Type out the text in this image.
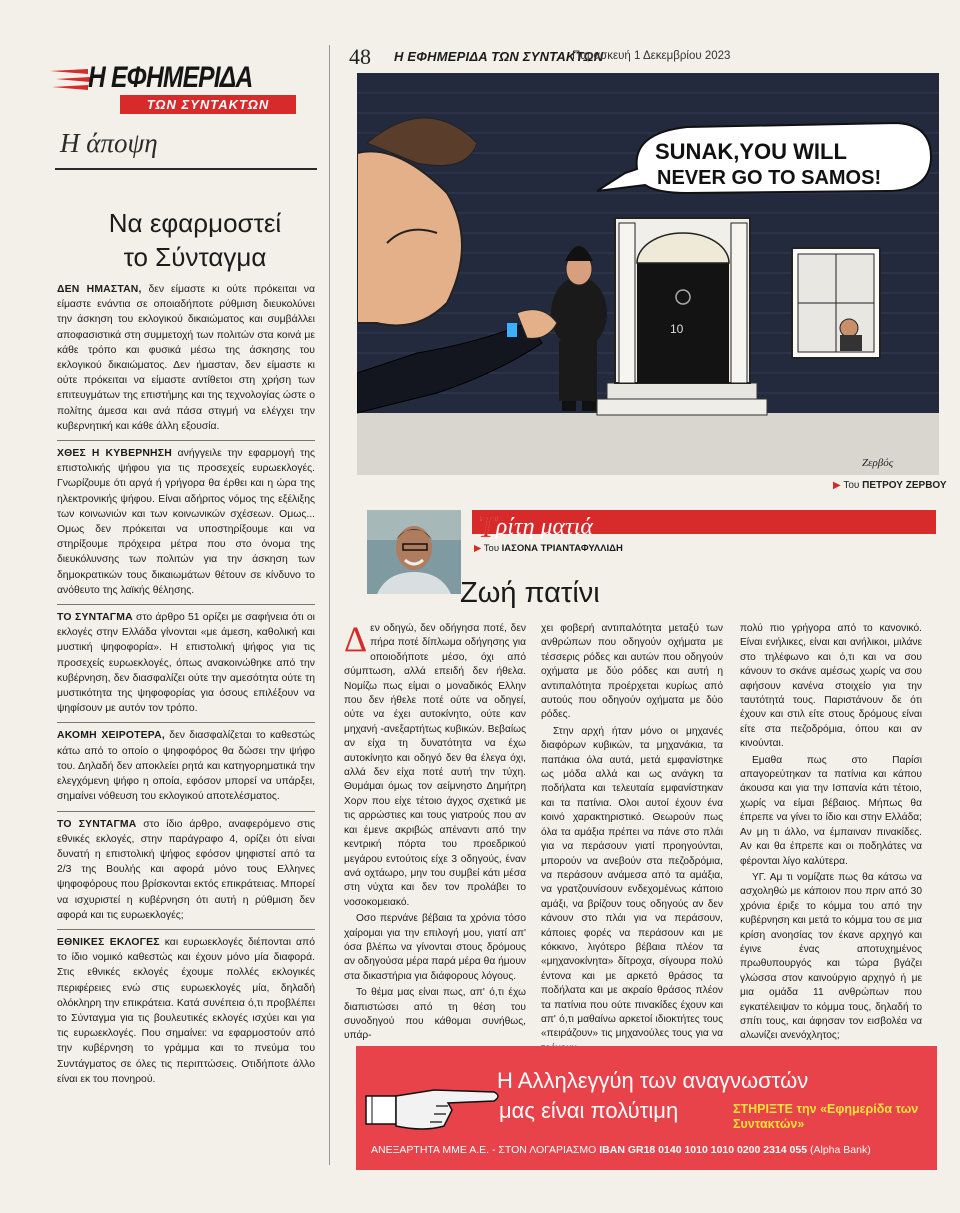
Η ΕΦΗΜΕΡΙΔΑ
ΤΩΝ ΣΥΝΤΑΚΤΩΝ
Η άποψη
Να εφαρμοστεί
το Σύνταγμα

ΔΕΝ ΗΜΑΣΤΑΝ, δεν είμαστε κι ούτε πρόκειται να είμαστε ενάντια σε οποιαδήποτε ρύθμιση διευκολύνει την άσκηση του εκλογικού δικαιώματος και συμβάλλει αποφασιστικά στη συμμετοχή των πολιτών στα κοινά με κάθε τρόπο και φυσικά μέσω της άσκησης του εκλογικού δικαιώματος. Δεν ήμασταν, δεν είμαστε κι ούτε πρόκειται να είμαστε αντίθετοι στη χρήση των επιτευγμάτων της επιστήμης και της τεχνολογίας ώστε ο πολίτης άμεσα και ανά πάσα στιγμή να ελέγχει την κυβερνητική και κάθε άλλη εξουσία.

ΧΘΕΣ Η ΚΥΒΕΡΝΗΣΗ ανήγγειλε την εφαρμογή της επιστολικής ψήφου για τις προσεχείς ευρωεκλογές. Γνωρίζουμε ότι αργά ή γρήγορα θα έρθει και η ώρα της ηλεκτρονικής ψήφου. Είναι αδήριτος νόμος της εξέλιξης των κοινωνιών και των κοινωνικών σχέσεων. Ομως... Ομως δεν πρόκειται να υποστηρίξουμε και να στηρίξουμε πρόχειρα μέτρα που στο όνομα της διευκόλυνσης των πολιτών για την άσκηση των δημοκρατικών τους δικαιωμάτων θέτουν σε κίνδυνο το ανόθευτο της λαϊκής θέλησης.

ΤΟ ΣΥΝΤΑΓΜΑ στο άρθρο 51 ορίζει με σαφήνεια ότι οι εκλογές στην Ελλάδα γίνονται «με άμεση, καθολική και μυστική ψηφοφορία». Η επιστολική ψήφος για τις προσεχείς ευρωεκλογές, όπως ανακοινώθηκε από την κυβέρνηση, δεν διασφαλίζει ούτε την αμεσότητα ούτε τη μυστικότητα της ψηφοφορίας για όσους επιλέξουν να ψηφίσουν με αυτόν τον τρόπο.

ΑΚΟΜΗ ΧΕΙΡΟΤΕΡΑ, δεν διασφαλίζεται το καθεστώς κάτω από το οποίο ο ψηφοφόρος θα δώσει την ψήφο του. Δηλαδή δεν αποκλείει ρητά και κατηγορηματικά την ελεγχόμενη ψήφο η οποία, εφόσον μπορεί να υπάρξει, σημαίνει νόθευση του εκλογικού αποτελέσματος.

ΤΟ ΣΥΝΤΑΓΜΑ στο ίδιο άρθρο, αναφερόμενο στις εθνικές εκλογές, στην παράγραφο 4, ορίζει ότι είναι δυνατή η επιστολική ψήφος εφόσον ψηφιστεί από τα 2/3 της Βουλής και αφορά μόνο τους Ελληνες ψηφοφόρους που βρίσκονται εκτός επικράτειας. Μπορεί να ισχυριστεί η κυβέρνηση ότι αυτή η ρύθμιση δεν αφορά και τις ευρωεκλογές;

ΕΘΝΙΚΕΣ ΕΚΛΟΓΕΣ και ευρωεκλογές διέπονται από το ίδιο νομικό καθεστώς και έχουν μόνο μία διαφορά. Στις εθνικές εκλογές έχουμε πολλές εκλογικές περιφέρειες ενώ στις ευρωεκλογές μία, δηλαδή ολόκληρη την επικράτεια. Κατά συνέπεια ό,τι προβλέπει το Σύνταγμα για τις βουλευτικές εκλογές ισχύει και για τις ευρωεκλογές. Που σημαίνει: να εφαρμοστούν από την κυβέρνηση το γράμμα και το πνεύμα του Συντάγματος σε όλες τις περιπτώσεις. Οτιδήποτε άλλο είναι εκ του πονηρού.

48 Η ΕΦΗΜΕΡΙΔΑ ΤΩΝ ΣΥΝΤΑΚΤΩΝ
Παρασκευή 1 Δεκεμβρίου 2023
10
SUNAK,YOU WILL
NEVER GO TO SAMOS!
Ζερβός
▶ Του ΠΕΤΡΟΥ ΖΕΡΒΟΥ
Τρίτη ματιά
▶ Του ΙΑΣΟΝΑ ΤΡΙΑΝΤΑΦΥΛΛΙΔΗ
Ζωή πατίνι

Δεν οδηγώ, δεν οδήγησα ποτέ, δεν πήρα ποτέ δίπλωμα οδήγησης για οποιοδήποτε μέσο, όχι από σύμπτωση, αλλά επειδή δεν ήθελα. Νομίζω πως είμαι ο μοναδικός Ελλην που δεν ήθελε ποτέ ούτε να οδηγεί, ούτε να έχει αυτοκίνητο, ούτε καν μηχανή -ανεξαρτήτως κυβικών. Βεβαίως αν είχα τη δυνατότητα να έχω αυτοκίνητο και οδηγό δεν θα έλεγα όχι, αλλά δεν είχα ποτέ αυτή την τύχη. Θυμάμαι όμως τον αείμνηστο Δημήτρη Χορν που είχε τέτοιο άγχος σχετικά με τις αρρώστιες και τους γιατρούς που αν και έμενε ακριβώς απέναντι από την κεντρική πόρτα του προεδρικού μεγάρου εντούτοις είχε 3 οδηγούς, έναν ανά οχτάωρο, μην του συμβεί κάτι μέσα στη νύχτα και δεν τον προλάβει το νοσοκομειακό.

Οσο περνάνε βέβαια τα χρόνια τόσο χαίρομαι για την επιλογή μου, γιατί απ' όσα βλέπω να γίνονται στους δρόμους αν οδηγούσα μέρα παρά μέρα θα ήμουν στα δικαστήρια για διάφορους λόγους.

Το θέμα μας είναι πως, απ' ό,τι έχω διαπιστώσει από τη θέση του συνοδηγού που κάθομαι συνήθως, υπάρ-

χει φοβερή αντιπαλότητα μεταξύ των ανθρώπων που οδηγούν οχήματα με τέσσερις ρόδες και αυτών που οδηγούν οχήματα με δύο ρόδες και αυτή η αντιπαλότητα προέρχεται κυρίως από αυτούς που οδηγούν οχήματα με δύο ρόδες.

Στην αρχή ήταν μόνο οι μηχανές διαφόρων κυβικών, τα μηχανάκια, τα παπάκια όλα αυτά, μετά εμφανίστηκε ως μόδα αλλά και ως ανάγκη τα ποδήλατα και τελευταία εμφανίστηκαν και τα πατίνια. Ολοι αυτοί έχουν ένα κοινό χαρακτηριστικό. Θεωρούν πως όλα τα αμάξια πρέπει να πάνε στο πλάι για να περάσουν γιατί προηγούνται, μπορούν να ανεβούν στα πεζοδρόμια, να περάσουν ανάμεσα από τα αμάξια, να γρατζουνίσουν ενδεχομένως κάποιο αμάξι, να βρίζουν τους οδηγούς αν δεν κάνουν στο πλάι για να περάσουν, κάποιες φορές να περάσουν και με κόκκινο, λιγότερο βέβαια πλέον τα «μηχανοκίνητα» δίτροχα, σίγουρα πολύ έντονα και με αρκετό θράσος τα ποδήλατα και με ακραίο θράσος πλέον τα πατίνια που ούτε πινακίδες έχουν και απ' ό,τι μαθαίνω αρκετοί ιδιοκτήτες τους «πειράζουν» τις μηχανούλες τους για να

πολύ πιο γρήγορα από το κανονικό. Είναι ενήλικες, είναι και ανήλικοι, μιλάνε στο τηλέφωνο και ό,τι και να σου κάνουν το σκάνε αμέσως χωρίς να σου αφήσουν κανένα στοιχείο για την ταυτότητά τους. Παριστάνουν δε ότι έχουν και στιλ είτε στους δρόμους είναι είτε στα πεζοδρόμια, όπου και αν κινούνται.

Εμαθα πως στο Παρίσι απαγορεύτηκαν τα πατίνια και κάπου άκουσα και για την Ισπανία κάτι τέτοιο, χωρίς να είμαι βέβαιος. Μήπως θα έπρεπε να γίνει το ίδιο και στην Ελλάδα; Αν μη τι άλλο, να έμπαιναν πινακίδες. Αν και θα έπρεπε και οι ποδηλάτες να φέρονται λίγο καλύτερα.

ΥΓ. Αμ τι νομίζατε πως θα κάτσω να ασχοληθώ με κάποιον που πριν από 30 χρόνια έριξε το κόμμα του από την κυβέρνηση και μετά το κόμμα του σε μια κρίση ανοησίας τον έκανε αρχηγό και έγινε ένας αποτυχημένος πρωθυπουργός και τώρα βγάζει γλώσσα στον καινούργιο αρχηγό ή με μια ομάδα 11 ανθρώπων που εγκατέλειψαν το κόμμα τους, δηλαδή το σπίτι τους, και άφησαν τον εισβολέα να αλωνίζει ανενόχλητος;

Η Αλληλεγγύη των αναγνωστών
μας είναι πολύτιμη	ΣΤΗΡΙΞΤΕ την «Εφημερίδα των Συντακτών»
ΑΝΕΞΑΡΤΗΤΑ ΜΜΕ Α.Ε. - ΣΤΟΝ ΛΟΓΑΡΙΑΣΜΟ IBAN GR18 0140 1010 1010 0200 2314 055 (Alpha Bank)
